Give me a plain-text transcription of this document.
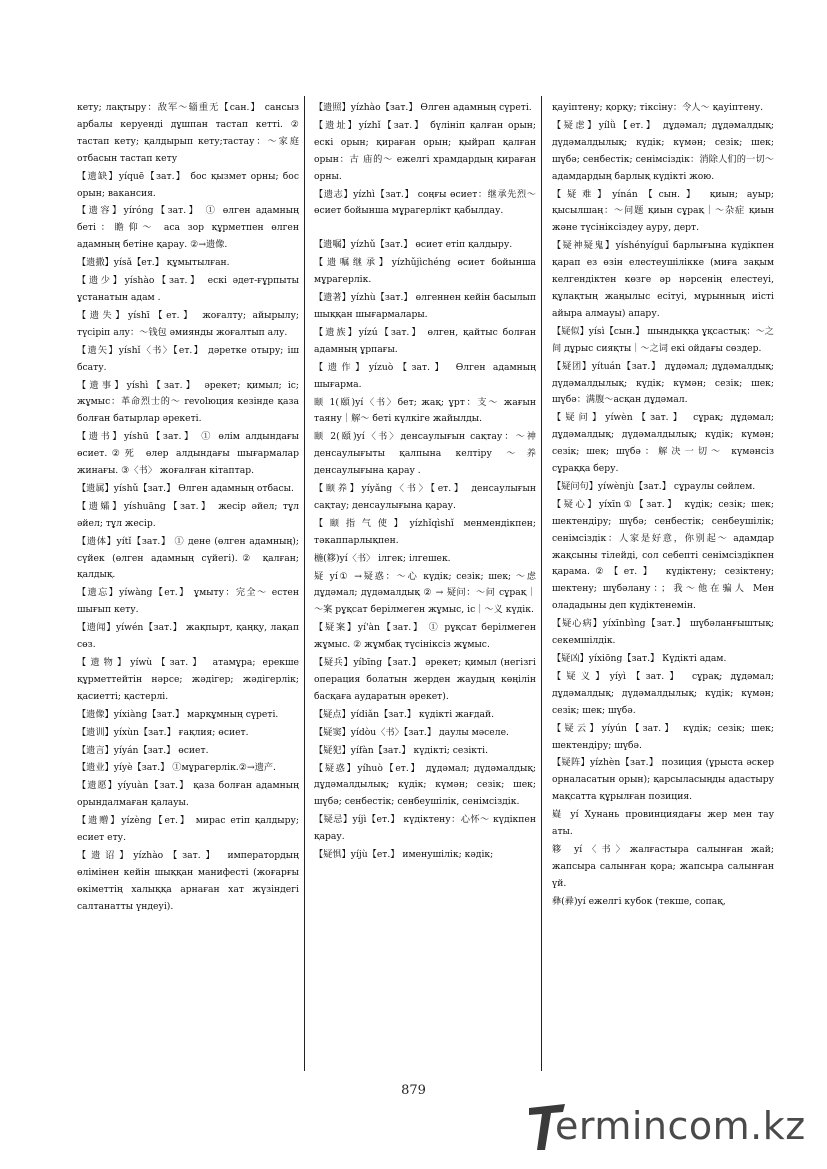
кету; лақтыру：敌军～辎重无【сан.】 сансыз арбалы керуенді дұшпан тастап кетті. ② тастап кету; қалдырып кету;тастау：～家庭 отбасын тастап кету
【遗缺】yíquē【зат.】 бос қызмет орны; бос орын; вакансия.
【遗容】yíróng【зат.】 ① өлген адамның беті：瞻仰～ аса зор құрметпен өлген адамның бетіне қарау. ②→遗像.
【遗撒】yísǎ【ет.】 құмытылған.
【遗少】yíshào【зат.】 ескі әдет-ғұрпыты ұстанатын адам .
【遗失】yíshī【ет.】 жоғалту; айырылу; түсіріп алу：～钱包 әмиянды жоғалтып алу.
【遗矢】yíshǐ〈书〉【ет.】 дәретке отыру; іш бсату.
【遗事】yíshì【зат.】 әрекет; қимыл; іс; жұмыс：革命烈士的～ revolюция кезінде қаза болған батырлар әрекеті.
【遗书】yíshū【зат.】 ① өлім алдындағы өсиет.②死 өлер алдындағы шығармалар жинағы. ③〈书〉 жоғалған кітаптар.
【遗属】yíshǔ【зат.】 Өлген адамның отбасы.
【遗孀】yíshuāng【зат.】 жесір әйел; тұл әйел; тұл жесір.
【遗体】yítǐ【зат.】 ① дене (өлген адамның); сүйек (өлген адамның сүйегі).② қалған; қалдық.
【遗忘】yíwàng【ет.】 ұмыту：完全～ естен шығып кету.
【遗闻】yíwén【зат.】 жақпырт, қаңқу, лақап сөз.
【遗物】yíwù【зат.】 атамұра; ерекше құрметтейтін нәрсе; жәдігер; жәдігерлік; қасиетті; қастерлі.
【遗像】yíxiàng【зат.】 марқұмның сүреті.
【遗训】yíxùn【зат.】 ғақлия; өсиет.
【遗言】yíyán【зат.】 өсиет.
【遗业】yíyè【зат.】 ①мұрагерлік.②→遗产.
【遗愿】yíyuàn【зат.】 қаза болған адамның орындалмаған қалауы.
【遗赠】yízèng【ет.】 мирас етіп қалдыру; есиет ету.
【遗诏】yízhào【зат.】 императордың өлімінен кейін шыққан манифесті (жоғарғы өкіметтің халыққа арнаған хат жүзіндегі салтанатты үндеуі).
【遗照】yízhào【зат.】 Өлген адамның сүреті.
【遗址】yízhǐ【зат.】 бүлініп қалған орын; ескі орын; қираған орын; қыйрап қалған орын：古 庙的～ ежелгі храмдардың қираған орны.
【遗志】yízhì【зат.】 соңғы өсиет：继承先烈～ өсиет бойынша мұрагерлікт қабылдау.
【遗嘱】yízhǔ【зат.】 өсиет етіп қалдыру.
【遗嘱继承】yízhǔjìchéng өсиет бойынша мұрагерлік.
【遗著】yízhù【зат.】 өлгеннен кейін басылып шыққан шығармалары.
【遗族】yízú【зат.】 өлген, қайтыс болған адамның ұрпағы.
【遗作】yízuò【зат.】 Өлген адамның шығарма.
颐 1(頤)yí〈书〉бет; жақ; ұрт：支～ жағын таяну｜解～ беті күлкіге жайылды.
颐 2(頤)yí〈书〉денсаулығын сақтау：～神 денсаулығыты қалпына келтіру ～养 денсаулығына қарау .
【颐养】yíyǎng〈书〉【ет.】 денсаулығын сақтау; денсаулығына қарау.
【颐指气使】yízhǐqìshǐ менмендікпен; тәкаппарлықпен.
椸(簃)yí〈书〉 ілгек; ілгешек.
疑 yí① →疑惑：～心 күдік; сезік; шек; ～虑 дұдәмал; дүдәмалдық ② → 疑问：～问 сұрақ｜～案 рұқсат берілмеген жұмыс, іс｜～义 күдік.
【疑案】yí'àn【зат.】 ① рұқсат берілмеген жұмыс. ② жұмбақ түсініксіз жұмыс.
【疑兵】yíbīng【зат.】 әрекет; қимыл (негізгі операция болатын жерден жаудың көңілін басқаға аударатын әрекет).
【疑点】yídiǎn【зат.】 күдікті жағдай.
【疑窦】yídòu〈书〉【зат.】 даулы мәселе.
【疑犯】yífàn【зат.】 күдікті; сезікті.
【疑惑】yíhuò【ет.】 дұдәмал; дүдәмалдық; дұдәмалдылық; күдік; күмән; сезік; шек; шүбә; сенбестік; сенбеушілік, сенімсіздік.
【疑忌】yíjì【ет.】 күдіктену：心怀～ күдікпен қарау.
【疑惧】yíjù【ет.】 именушілік; кәдік;
қауіптену; қорқу; тіксіну：令人～ қауіптену.
【疑虑】yílǜ【ет.】 дұдәмал; дұдәмалдық; дүдәмалдылық; күдік; күмән; сезік; шек; шүбә; сенбестік; сенімсіздік：消除人们的一切～ адамдардың барлық күдікті жою.
【疑难】yínán【сын.】 қиын; ауыр; қысылшаң：～问题 қиын сұрақ｜～杂症 қиын және түсініксіздеу ауру, дерт.
【疑神疑鬼】yíshényíguǐ барлығына күдікпен қарап ез өзін елестеушілікке (миға зақым келгендіктен көзге әр нәрсенің елестеуі, құлақтың жаңылыс есітуі, мұрынның иісті айыра алмауы) апару.
【疑似】yísì【сын.】 шындыққа ұқсастық：～之间 дұрыс сияқты｜～之词 екі ойдағы сөздер.
【疑团】yítuán【зат.】 дұдәмал; дұдәмалдық; дүдәмалдылық; күдік; күмән; сезік; шек; шүбә：满腹～асқан дұдәмал.
【疑问】yíwèn【зат.】 сұрақ; дұдәмал; дұдәмалдық; дүдәмалдылық; күдік; күмән; сезік; шек; шүбә：解决一切～ күмәнсіз сұраққа беру.
【疑问句】yíwènjù【зат.】 сұраулы сөйлем.
【疑心】yíxīn①【зат.】 күдік; сезік; шек; шектендіру; шүбә; сенбестік; сенбеушілік; сенімсіздік：人家是好意，你别起～ адамдар жақсыны тілейді, сол себепті сенімсіздікпен қарама.②【ет.】 күдіктену; сезіктену; шектену; шүбәлану：；我～他在骗人 Мен олададыны деп күдіктенемін.
【疑心病】yíxīnbìng【зат.】 шүбәланғыштық; секемшілдік.
【疑凶】yíxiōng【зат.】 Күдікті адам.
【疑义】yíyì【зат.】 сұрақ; дұдәмал; дұдәмалдық; дүдәмалдылық; күдік; күмән; сезік; шек; шүбә.
【疑云】yíyún【зат.】 күдік; сезік; шек; шектендіру; шүбә.
【疑阵】yízhèn【зат.】 позиция (ұрыста әскер орналасатын орын); қарсыласыңды адастыру мақсатта құрылған позиция.
嶷 yí Хунань провинциядағы жер мен тау аты.
簃 yí〈书〉жалғастыра салынған жай; жапсыра салынған қора; жапсыра салынған үй.
彝(彛)yí ежелгі кубок (текше, сопақ,
879
ermincom.kz
